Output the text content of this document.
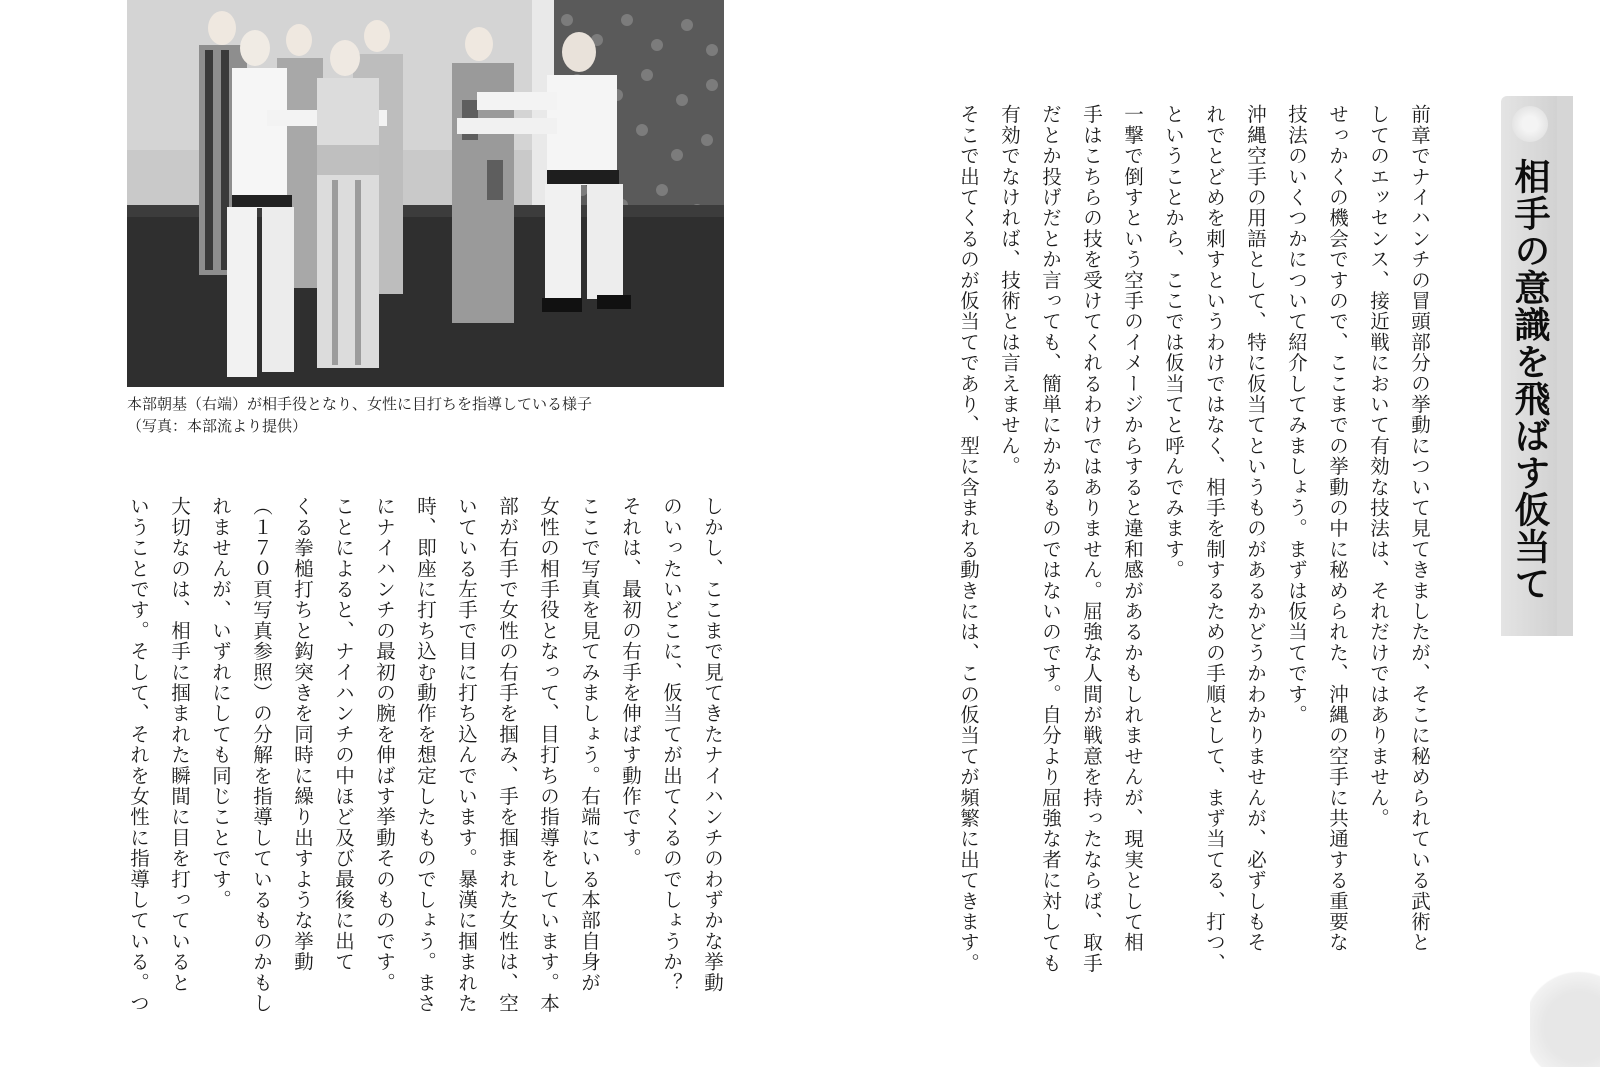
本部朝基（右端）が相手役となり、女性に目打ちを指導している様子
（写真：本部流より提供）

しかし、ここまで見てきたナイハンチのわずかな挙動

のいったいどこに、仮当てが出てくるのでしょうか？

それは、最初の右手を伸ばす動作です。

ここで写真を見てみましょう。右端にいる本部自身が

女性の相手役となって、目打ちの指導をしています。本

部が右手で女性の右手を掴み、手を掴まれた女性は、空

いている左手で目に打ち込んでいます。暴漢に掴まれた

時、即座に打ち込む動作を想定したものでしょう。まさ

にナイハンチの最初の腕を伸ばす挙動そのものです。

ことによると、ナイハンチの中ほど及び最後に出て

くる拳槌打ちと鈎突きを同時に繰り出すような挙動

（１７０頁写真参照）の分解を指導しているものかもし

れませんが、いずれにしても同じことです。

大切なのは、相手に掴まれた瞬間に目を打っていると

いうことです。そして、それを女性に指導している。つ	前章でナイハンチの冒頭部分の挙動について見てきましたが、そこに秘められている武術と

してのエッセンス、接近戦において有効な技法は、それだけではありません。

せっかくの機会ですので、ここまでの挙動の中に秘められた、沖縄の空手に共通する重要な

技法のいくつかについて紹介してみましょう。まずは仮当てです。

沖縄空手の用語として、特に仮当てというものがあるかどうかわかりませんが、必ずしもそ

れでとどめを刺すというわけではなく、相手を制するための手順として、まず当てる、打つ、

ということから、ここでは仮当てと呼んでみます。

一撃で倒すという空手のイメージからすると違和感があるかもしれませんが、現実として相

手はこちらの技を受けてくれるわけではありません。屈強な人間が戦意を持ったならば、取手

だとか投げだとか言っても、簡単にかかるものではないのです。自分より屈強な者に対しても

有効でなければ、技術とは言えません。

そこで出てくるのが仮当てであり、型に含まれる動きには、この仮当てが頻繁に出てきます。	相手の意識を飛ばす仮当て
